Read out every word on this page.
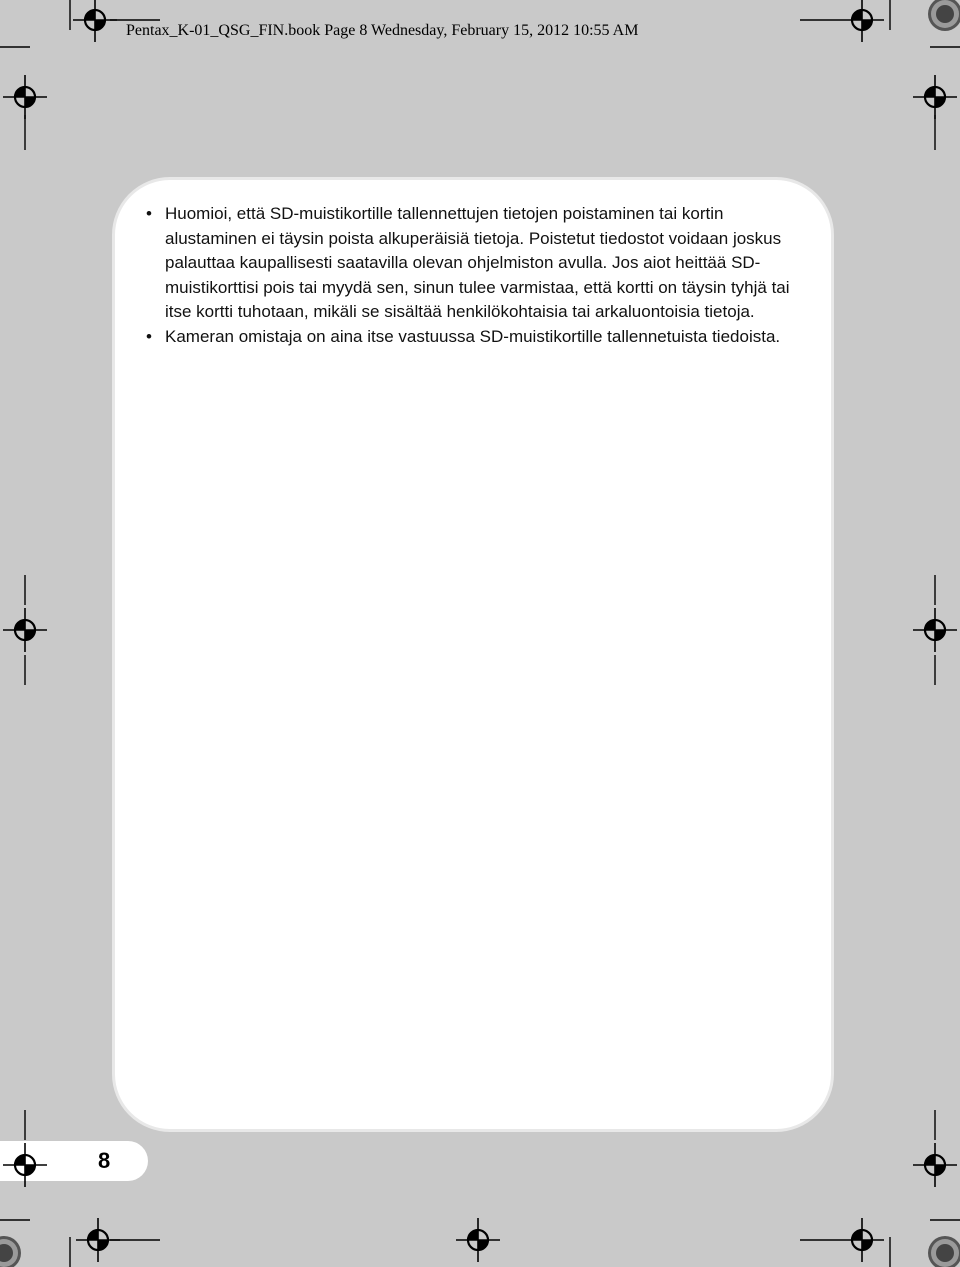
Pentax_K-01_QSG_FIN.book Page 8 Wednesday, February 15, 2012 10:55 AM
• Huomioi, että SD-muistikortille tallennettujen tietojen poistaminen tai kortin alustaminen ei täysin poista alkuperäisiä tietoja. Poistetut tiedostot voidaan joskus palauttaa kaupallisesti saatavilla olevan ohjelmiston avulla. Jos aiot heittää SD-muistikorttisi pois tai myydä sen, sinun tulee varmistaa, että kortti on täysin tyhjä tai itse kortti tuhotaan, mikäli se sisältää henkilökohtaisia tai arkaluontoisia tietoja.
• Kameran omistaja on aina itse vastuussa SD-muistikortille tallennetuista tiedoista.
8
